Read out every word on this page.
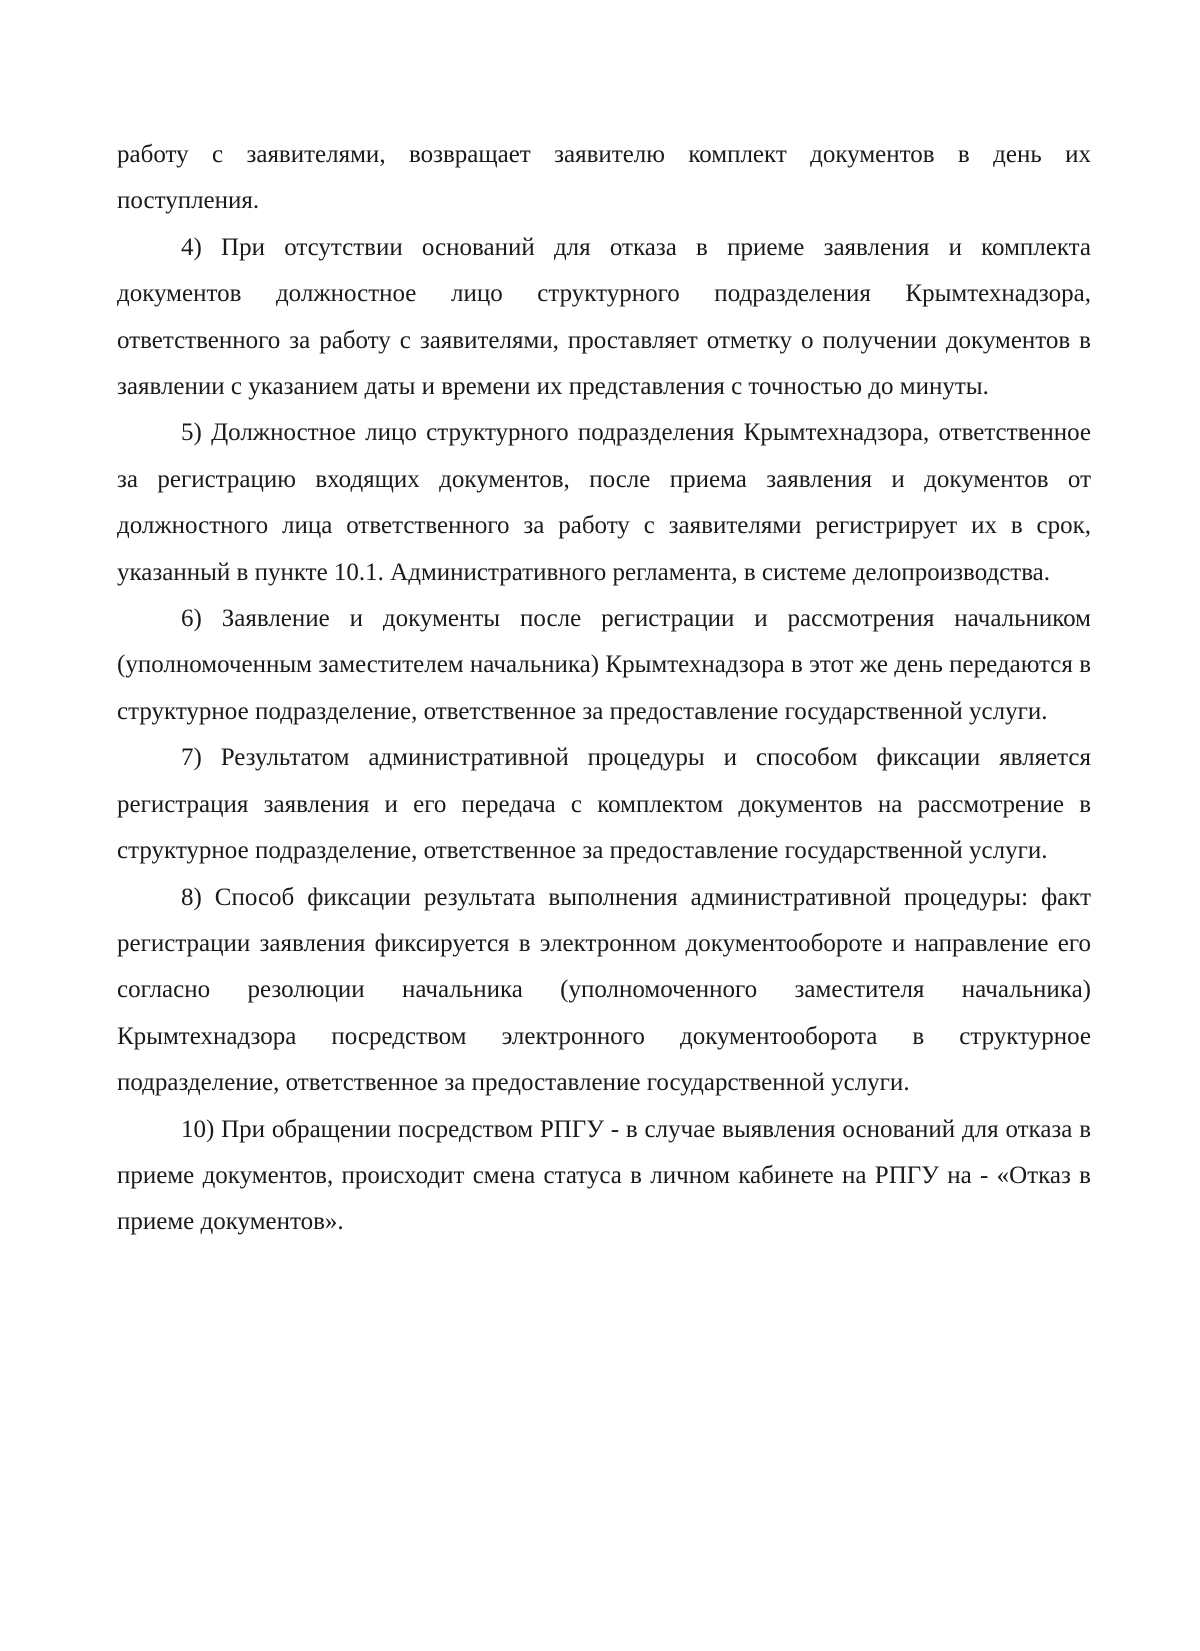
работу с заявителями, возвращает заявителю комплект документов в день их
поступления.

4) При отсутствии оснований для отказа в приеме заявления и комплекта документов должностное лицо структурного подразделения Крымтехнадзора, ответственного за работу с заявителями, проставляет отметку о получении документов в заявлении с указанием даты и времени их представления с точностью до минуты.

5) Должностное лицо структурного подразделения Крымтехнадзора, ответственное за регистрацию входящих документов, после приема заявления и документов от должностного лица ответственного за работу с заявителями регистрирует их в срок, указанный в пункте 10.1. Административного регламента, в системе делопроизводства.

6) Заявление и документы после регистрации и рассмотрения начальником (уполномоченным заместителем начальника) Крымтехнадзора в этот же день передаются в структурное подразделение, ответственное за предоставление государственной услуги.

7) Результатом административной процедуры и способом фиксации является регистрация заявления и его передача с комплектом документов на рассмотрение в структурное подразделение, ответственное за предоставление государственной услуги.

8) Способ фиксации результата выполнения административной процедуры: факт регистрации заявления фиксируется в электронном документообороте и направление его согласно резолюции начальника (уполномоченного заместителя начальника) Крымтехнадзора посредством электронного документооборота в структурное подразделение, ответственное за предоставление государственной услуги.

10) При обращении посредством РПГУ - в случае выявления оснований для отказа в приеме документов, происходит смена статуса в личном кабинете на РПГУ на - «Отказ в приеме документов».
